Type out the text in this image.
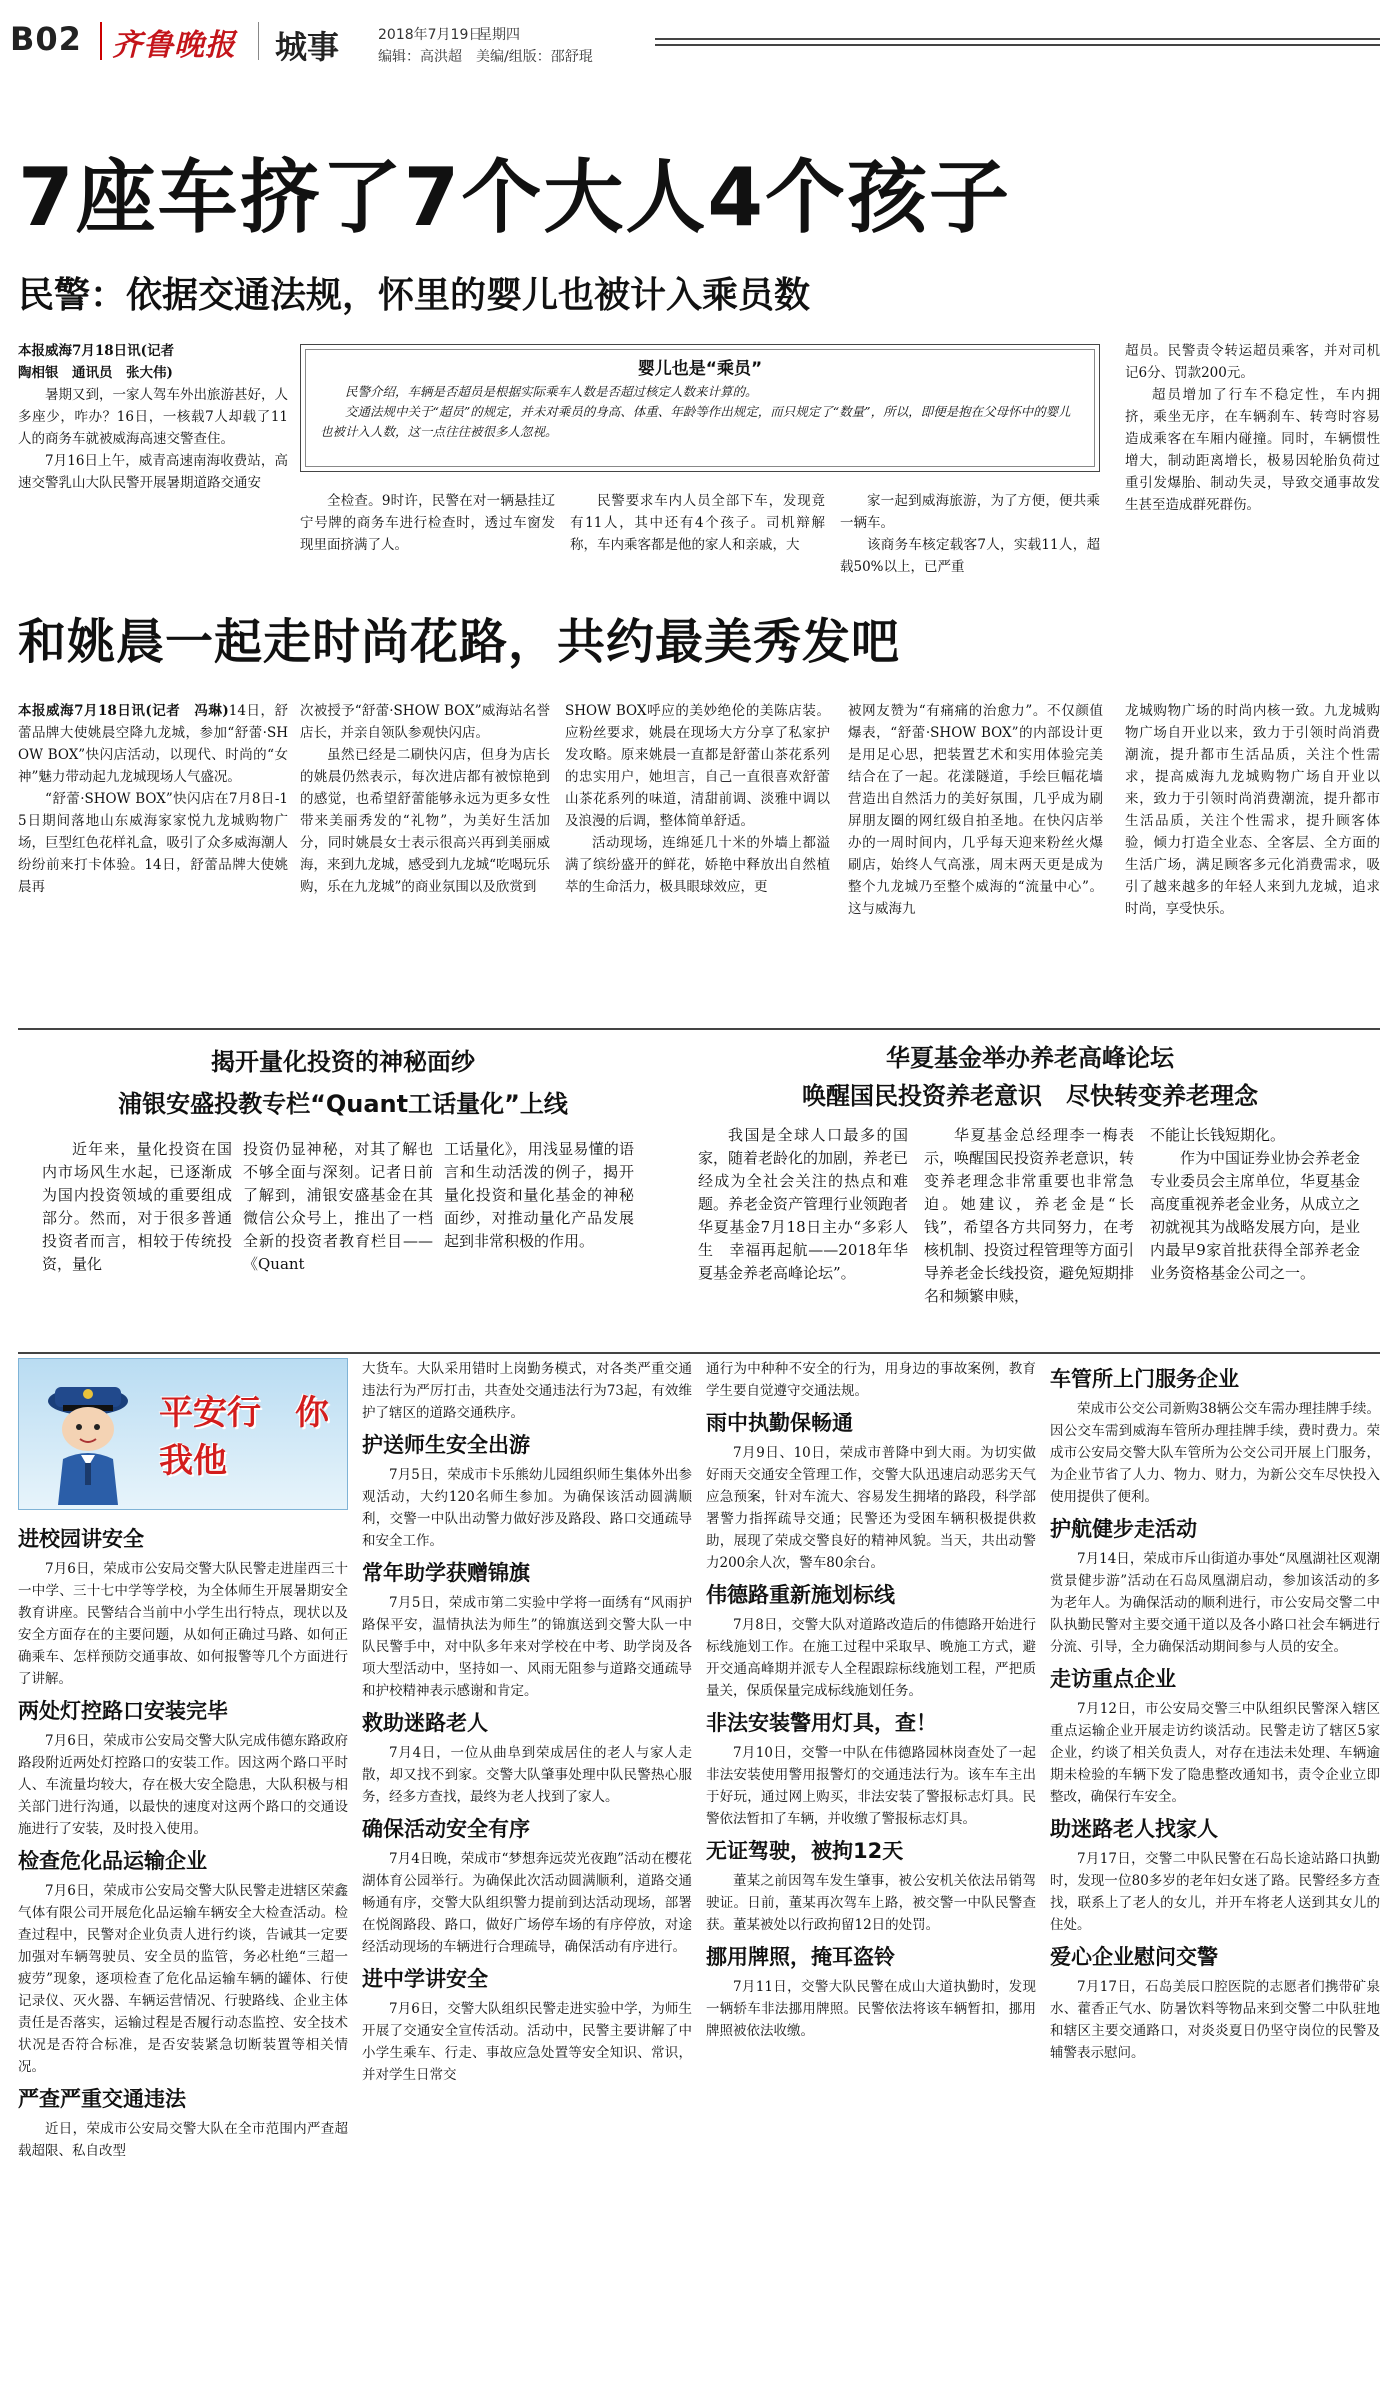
B02 齐鲁晚报 城事	2018年7月19日
星期四
编辑：高洪超　美编/组版：邵舒琨
7座车挤了7个大人4个孩子
民警：依据交通法规，怀里的婴儿也被计入乘员数
本报威海7月18日讯(记者
陶相银　通讯员　张大伟)

暑期又到，一家人驾车外出旅游甚好，人多座少，咋办？16日，一核载7人却载了11人的商务车就被威海高速交警查住。

7月16日上午，威青高速南海收费站，高速交警乳山大队民警开展暑期道路交通安

婴儿也是“乘员”

民警介绍，车辆是否超员是根据实际乘车人数是否超过核定人数来计算的。

交通法规中关于“超员”的规定，并未对乘员的身高、体重、年龄等作出规定，而只规定了“数量”，所以，即便是抱在父母怀中的婴儿也被计入人数，这一点往往被很多人忽视。

全检查。9时许，民警在对一辆悬挂辽宁号牌的商务车进行检查时，透过车窗发现里面挤满了人。

民警要求车内人员全部下车，发现竟有11人，其中还有4个孩子。司机辩解称，车内乘客都是他的家人和亲戚，大

家一起到威海旅游，为了方便，便共乘一辆车。

该商务车核定载客7人，实载11人，超载50%以上，已严重

超员。民警责令转运超员乘客，并对司机记6分、罚款200元。

超员增加了行车不稳定性，车内拥挤，乘坐无序，在车辆刹车、转弯时容易造成乘客在车厢内碰撞。同时，车辆惯性增大，制动距离增长，极易因轮胎负荷过重引发爆胎、制动失灵，导致交通事故发生甚至造成群死群伤。

和姚晨一起走时尚花路，共约最美秀发吧
本报威海7月18日讯(记者　冯琳)14日，舒蕾品牌大使姚晨空降九龙城，参加“舒蕾·SHOW BOX”快闪店活动，以现代、时尚的“女神”魅力带动起九龙城现场人气盛况。

“舒蕾·SHOW BOX”快闪店在7月8日-15日期间落地山东威海家家悦九龙城购物广场，巨型红色花样礼盒，吸引了众多威海潮人纷纷前来打卡体验。14日，舒蕾品牌大使姚晨再

次被授予“舒蕾·SHOW BOX”威海站名誉店长，并亲自领队参观快闪店。

虽然已经是二刷快闪店，但身为店长的姚晨仍然表示，每次进店都有被惊艳到的感觉，也希望舒蕾能够永远为更多女性带来美丽秀发的“礼物”，为美好生活加分，同时姚晨女士表示很高兴再到美丽威海，来到九龙城，感受到九龙城“吃喝玩乐购，乐在九龙城”的商业氛围以及欣赏到

SHOW BOX呼应的美妙绝伦的美陈店装。应粉丝要求，姚晨在现场大方分享了私家护发攻略。原来姚晨一直都是舒蕾山茶花系列的忠实用户，她坦言，自己一直很喜欢舒蕾山茶花系列的味道，清甜前调、淡雅中调以及浪漫的后调，整体简单舒适。

活动现场，连绵延几十米的外墙上都溢满了缤纷盛开的鲜花，娇艳中释放出自然植萃的生命活力，极具眼球效应，更

被网友赞为“有痛痛的治愈力”。不仅颜值爆表，“舒蕾·SHOW BOX”的内部设计更是用足心思，把装置艺术和实用体验完美结合在了一起。花漾隧道，手绘巨幅花墙营造出自然活力的美好氛围，几乎成为刷屏朋友圈的网红级自拍圣地。在快闪店举办的一周时间内，几乎每天迎来粉丝火爆刷店，始终人气高涨，周末两天更是成为整个九龙城乃至整个威海的“流量中心”。这与威海九

龙城购物广场的时尚内核一致。九龙城购物广场自开业以来，致力于引领时尚消费潮流，提升都市生活品质，关注个性需求，提高威海九龙城购物广场自开业以来，致力于引领时尚消费潮流，提升都市生活品质，关注个性需求，提升顾客体验，倾力打造全业态、全客层、全方面的生活广场，满足顾客多元化消费需求，吸引了越来越多的年轻人来到九龙城，追求时尚，享受快乐。

揭开量化投资的神秘面纱
浦银安盛投教专栏“Quant工话量化”上线

近年来，量化投资在国内市场风生水起，已逐渐成为国内投资领域的重要组成部分。然而，对于很多普通投资者而言，相较于传统投资，量化

投资仍显神秘，对其了解也不够全面与深刻。记者日前了解到，浦银安盛基金在其微信公众号上，推出了一档全新的投资者教育栏目——《Quant

工话量化》，用浅显易懂的语言和生动活泼的例子，揭开量化投资和量化基金的神秘面纱，对推动量化产品发展起到非常积极的作用。

华夏基金举办养老高峰论坛
唤醒国民投资养老意识　尽快转变养老理念

我国是全球人口最多的国家，随着老龄化的加剧，养老已经成为全社会关注的热点和难题。养老金资产管理行业领跑者华夏基金7月18日主办“多彩人生　幸福再起航——2018年华夏基金养老高峰论坛”。

华夏基金总经理李一梅表示，唤醒国民投资养老意识，转变养老理念非常重要也非常急迫。她建议，养老金是“长钱”，希望各方共同努力，在考核机制、投资过程管理等方面引导养老金长线投资，避免短期排名和频繁申赎，

不能让长钱短期化。

作为中国证券业协会养老金专业委员会主席单位，华夏基金高度重视养老金业务，从成立之初就视其为战略发展方向，是业内最早9家首批获得全部养老金业务资格基金公司之一。

平安行　你我他
进校园讲安全

7月6日，荣成市公安局交警大队民警走进崖西三十一中学、三十七中学等学校，为全体师生开展暑期安全教育讲座。民警结合当前中小学生出行特点，现状以及安全方面存在的主要问题，从如何正确过马路、如何正确乘车、怎样预防交通事故、如何报警等几个方面进行了讲解。

两处灯控路口安装完毕

7月6日，荣成市公安局交警大队完成伟德东路政府路段附近两处灯控路口的安装工作。因这两个路口平时人、车流量均较大，存在极大安全隐患，大队积极与相关部门进行沟通，以最快的速度对这两个路口的交通设施进行了安装，及时投入使用。

检查危化品运输企业

7月6日，荣成市公安局交警大队民警走进辖区荣鑫气体有限公司开展危化品运输车辆安全大检查活动。检查过程中，民警对企业负责人进行约谈，告诫其一定要加强对车辆驾驶员、安全员的监管，务必杜绝“三超一疲劳”现象，逐项检查了危化品运输车辆的罐体、行使记录仪、灭火器、车辆运营情况、行驶路线、企业主体责任是否落实，运输过程是否履行动态监控、安全技术状况是否符合标准，是否安装紧急切断装置等相关情况。

严查严重交通违法

近日，荣成市公安局交警大队在全市范围内严查超载超限、私自改型

大货车。大队采用错时上岗勤务模式，对各类严重交通违法行为严厉打击，共查处交通违法行为73起，有效维护了辖区的道路交通秩序。

护送师生安全出游

7月5日，荣成市卡乐熊幼儿园组织师生集体外出参观活动，大约120名师生参加。为确保该活动圆满顺利，交警一中队出动警力做好涉及路段、路口交通疏导和安全工作。

常年助学获赠锦旗

7月5日，荣成市第二实验中学将一面绣有“风雨护路保平安，温情执法为师生”的锦旗送到交警大队一中队民警手中，对中队多年来对学校在中考、助学岗及各项大型活动中，坚持如一、风雨无阻参与道路交通疏导和护校精神表示感谢和肯定。

救助迷路老人

7月4日，一位从曲阜到荣成居住的老人与家人走散，却又找不到家。交警大队肇事处理中队民警热心服务，经多方查找，最终为老人找到了家人。

确保活动安全有序

7月4日晚，荣成市“梦想奔远荧光夜跑”活动在樱花湖体育公园举行。为确保此次活动圆满顺利，道路交通畅通有序，交警大队组织警力提前到达活动现场，部署在悦阁路段、路口，做好广场停车场的有序停放，对途经活动现场的车辆进行合理疏导，确保活动有序进行。

进中学讲安全

7月6日，交警大队组织民警走进实验中学，为师生开展了交通安全宣传活动。活动中，民警主要讲解了中小学生乘车、行走、事故应急处置等安全知识、常识，并对学生日常交

通行为中种种不安全的行为，用身边的事故案例，教育学生要自觉遵守交通法规。

雨中执勤保畅通

7月9日、10日，荣成市普降中到大雨。为切实做好雨天交通安全管理工作，交警大队迅速启动恶劣天气应急预案，针对车流大、容易发生拥堵的路段，科学部署警力指挥疏导交通；民警还为受困车辆积极提供救助，展现了荣成交警良好的精神风貌。当天，共出动警力200余人次，警车80余台。

伟德路重新施划标线

7月8日，交警大队对道路改造后的伟德路开始进行标线施划工作。在施工过程中采取早、晚施工方式，避开交通高峰期并派专人全程跟踪标线施划工程，严把质量关，保质保量完成标线施划任务。

非法安装警用灯具，查！

7月10日，交警一中队在伟德路园林岗查处了一起非法安装使用警用报警灯的交通违法行为。该车车主出于好玩，通过网上购买，非法安装了警报标志灯具。民警依法暂扣了车辆，并收缴了警报标志灯具。

无证驾驶，被拘12天

董某之前因驾车发生肇事，被公安机关依法吊销驾驶证。日前，董某再次驾车上路，被交警一中队民警查获。董某被处以行政拘留12日的处罚。

挪用牌照，掩耳盗铃

7月11日，交警大队民警在成山大道执勤时，发现一辆轿车非法挪用牌照。民警依法将该车辆暂扣，挪用牌照被依法收缴。

车管所上门服务企业

荣成市公交公司新购38辆公交车需办理挂牌手续。因公交车需到威海车管所办理挂牌手续，费时费力。荣成市公安局交警大队车管所为公交公司开展上门服务，为企业节省了人力、物力、财力，为新公交车尽快投入使用提供了便利。

护航健步走活动

7月14日，荣成市斥山街道办事处“凤凰湖社区观潮赏景健步游”活动在石岛凤凰湖启动，参加该活动的多为老年人。为确保活动的顺利进行，市公安局交警二中队执勤民警对主要交通干道以及各小路口社会车辆进行分流、引导，全力确保活动期间参与人员的安全。

走访重点企业

7月12日，市公安局交警三中队组织民警深入辖区重点运输企业开展走访约谈活动。民警走访了辖区5家企业，约谈了相关负责人，对存在违法未处理、车辆逾期未检验的车辆下发了隐患整改通知书，责令企业立即整改，确保行车安全。

助迷路老人找家人

7月17日，交警二中队民警在石岛长途站路口执勤时，发现一位80多岁的老年妇女迷了路。民警经多方查找，联系上了老人的女儿，并开车将老人送到其女儿的住处。

爱心企业慰问交警

7月17日，石岛美辰口腔医院的志愿者们携带矿泉水、藿香正气水、防暑饮料等物品来到交警二中队驻地和辖区主要交通路口，对炎炎夏日仍坚守岗位的民警及辅警表示慰问。
